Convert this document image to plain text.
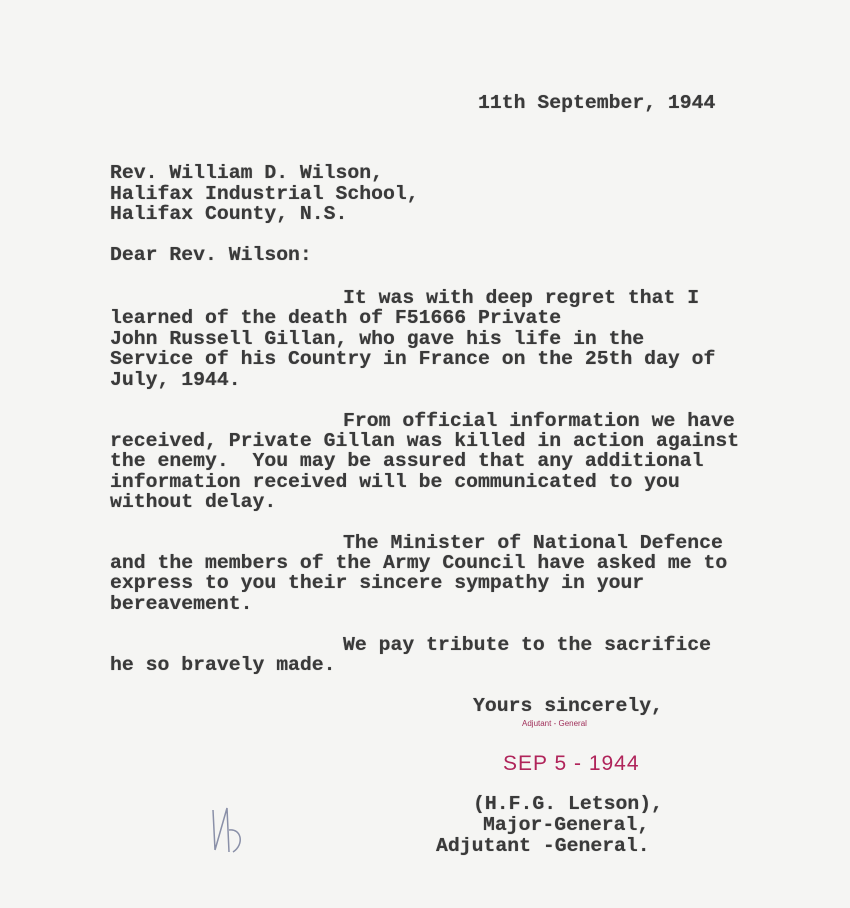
11th September, 1944
Rev. William D. Wilson,
Halifax Industrial School,
Halifax County, N.S.
Dear Rev. Wilson:
It was with deep regret that I
learned of the death of F51666 Private
John Russell Gillan, who gave his life in the
Service of his Country in France on the 25th day of
July, 1944.
From official information we have
received, Private Gillan was killed in action against
the enemy.  You may be assured that any additional
information received will be communicated to you
without delay.
The Minister of National Defence
and the members of the Army Council have asked me to
express to you their sincere sympathy in your
bereavement.
We pay tribute to the sacrifice
he so bravely made.
Yours sincerely,
Adjutant - General
SEP 5 - 1944
(H.F.G. Letson),
Major-General,
Adjutant -General.
